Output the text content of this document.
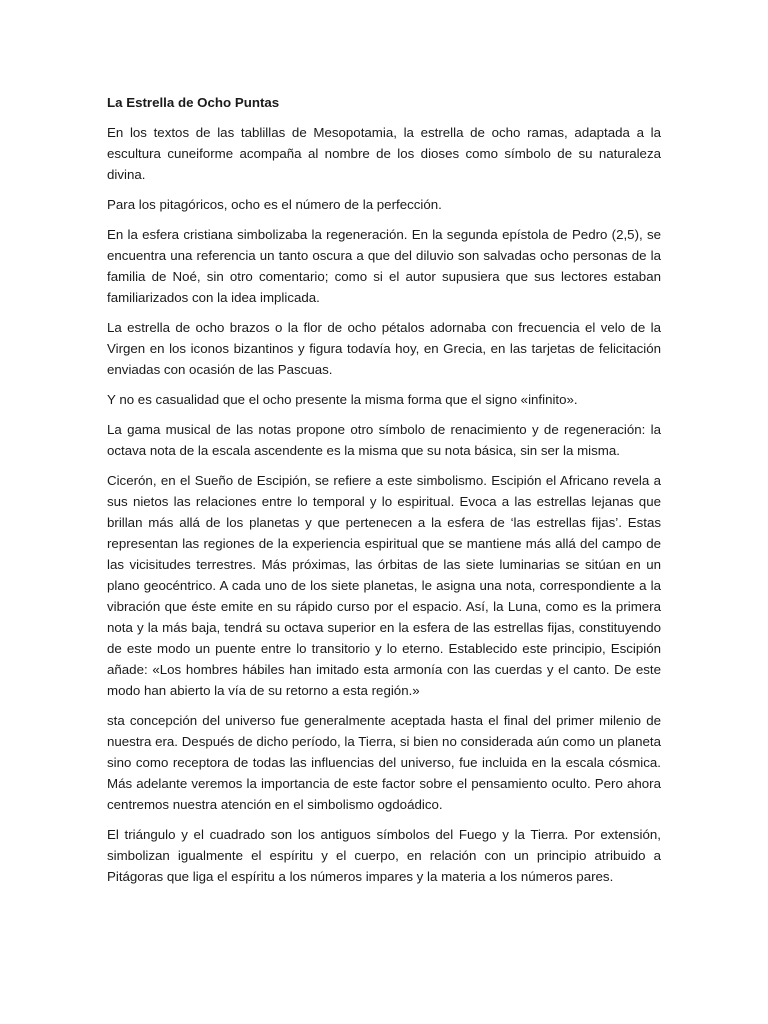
La Estrella de Ocho Puntas

En los textos de las tablillas de Mesopotamia, la estrella de ocho ramas, adaptada a la escultura cuneiforme acompaña al nombre de los dioses como símbolo de su naturaleza divina.

Para los pitagóricos, ocho es el número de la perfección.

En la esfera cristiana simbolizaba la regeneración. En la segunda epístola de Pedro (2,5), se encuentra una referencia un tanto oscura a que del diluvio son salvadas ocho personas de la familia de Noé, sin otro comentario; como si el autor supusiera que sus lectores estaban familiarizados con la idea implicada.

La estrella de ocho brazos o la flor de ocho pétalos adornaba con frecuencia el velo de la Virgen en los iconos bizantinos y figura todavía hoy, en Grecia, en las tarjetas de felicitación enviadas con ocasión de las Pascuas.

Y no es casualidad que el ocho presente la misma forma que el signo «infinito».

La gama musical de las notas propone otro símbolo de renacimiento y de regeneración: la octava nota de la escala ascendente es la misma que su nota básica, sin ser la misma.

Cicerón, en el Sueño de Escipión, se refiere a este simbolismo. Escipión el Africano revela a sus nietos las relaciones entre lo temporal y lo espiritual. Evoca a las estrellas lejanas que brillan más allá de los planetas y que pertenecen a la esfera de ‘las estrellas fijas’. Estas representan las regiones de la experiencia espiritual que se mantiene más allá del campo de las vicisitudes terrestres. Más próximas, las órbitas de las siete luminarias se sitúan en un plano geocéntrico. A cada uno de los siete planetas, le asigna una nota, correspondiente a la vibración que éste emite en su rápido curso por el espacio. Así, la Luna, como es la primera nota y la más baja, tendrá su octava superior en la esfera de las estrellas fijas, constituyendo de este modo un puente entre lo transitorio y lo eterno. Establecido este principio, Escipión añade: «Los hombres hábiles han imitado esta armonía con las cuerdas y el canto. De este modo han abierto la vía de su retorno a esta región.»

sta concepción del universo fue generalmente aceptada hasta el final del primer milenio de nuestra era. Después de dicho período, la Tierra, si bien no considerada aún como un planeta sino como receptora de todas las influencias del universo, fue incluida en la escala cósmica. Más adelante veremos la importancia de este factor sobre el pensamiento oculto. Pero ahora centremos nuestra atención en el simbolismo ogdoádico.

El triángulo y el cuadrado son los antiguos símbolos del Fuego y la Tierra. Por extensión, simbolizan igualmente el espíritu y el cuerpo, en relación con un principio atribuido a Pitágoras que liga el espíritu a los números impares y la materia a los números pares.
